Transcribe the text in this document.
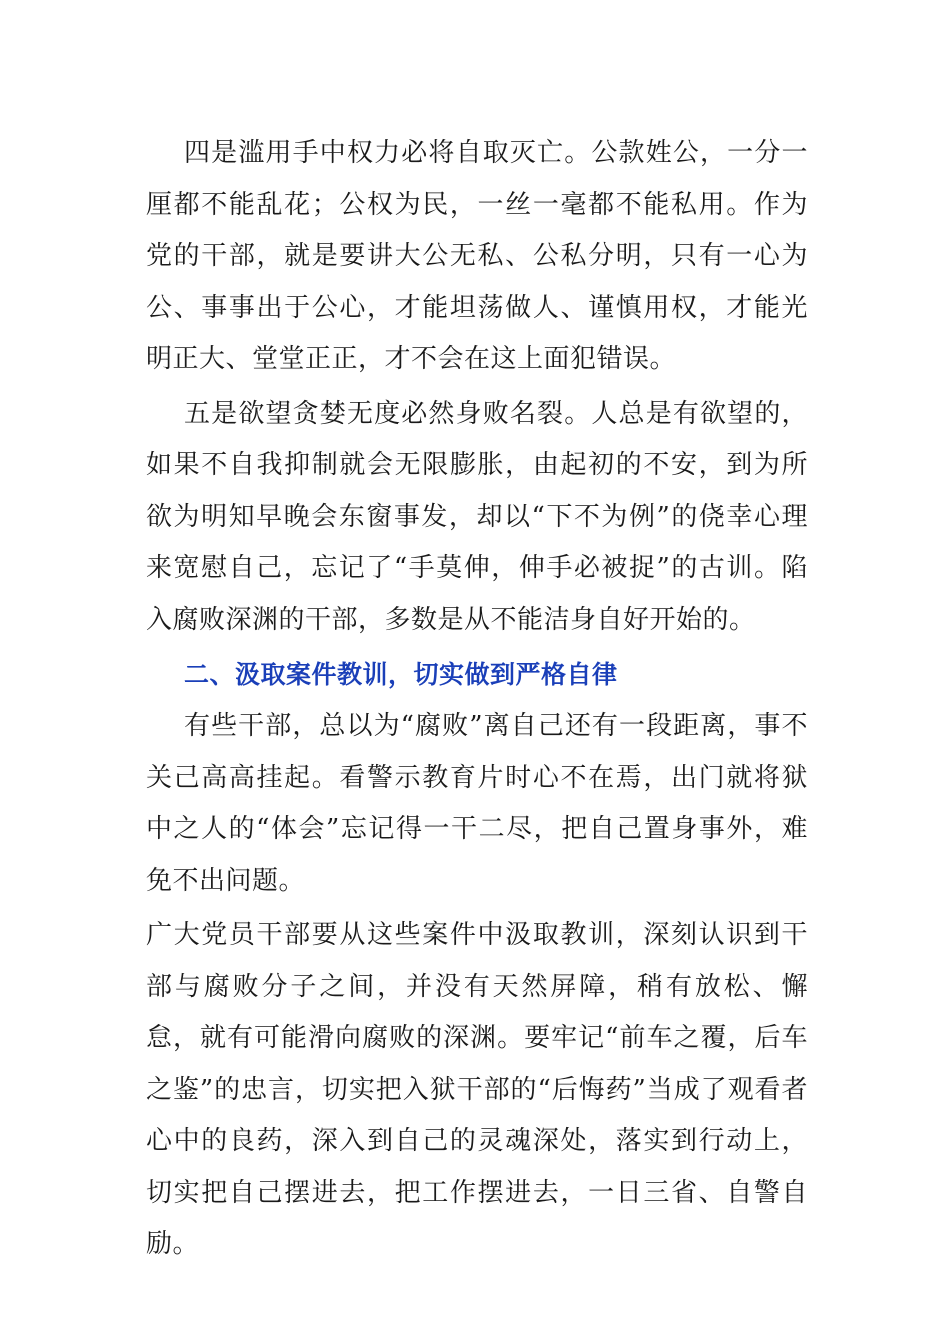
四是滥用手中权力必将自取灭亡。公款姓公，一分一厘都不能乱花；公权为民，一丝一毫都不能私用。作为党的干部，就是要讲大公无私、公私分明，只有一心为公、事事出于公心，才能坦荡做人、谨慎用权，才能光明正大、堂堂正正，才不会在这上面犯错误。

五是欲望贪婪无度必然身败名裂。人总是有欲望的，如果不自我抑制就会无限膨胀，由起初的不安，到为所欲为明知早晚会东窗事发，却以“下不为例”的侥幸心理来宽慰自己，忘记了“手莫伸，伸手必被捉”的古训。陷入腐败深渊的干部，多数是从不能洁身自好开始的。

二、汲取案件教训，切实做到严格自律

有些干部，总以为“腐败”离自己还有一段距离，事不关己高高挂起。看警示教育片时心不在焉，出门就将狱中之人的“体会”忘记得一干二尽，把自己置身事外，难免不出问题。

广大党员干部要从这些案件中汲取教训，深刻认识到干部与腐败分子之间，并没有天然屏障，稍有放松、懈怠，就有可能滑向腐败的深渊。要牢记“前车之覆，后车之鉴”的忠言，切实把入狱干部的“后悔药”当成了观看者心中的良药，深入到自己的灵魂深处，落实到行动上，切实把自己摆进去，把工作摆进去，一日三省、自警自励。
